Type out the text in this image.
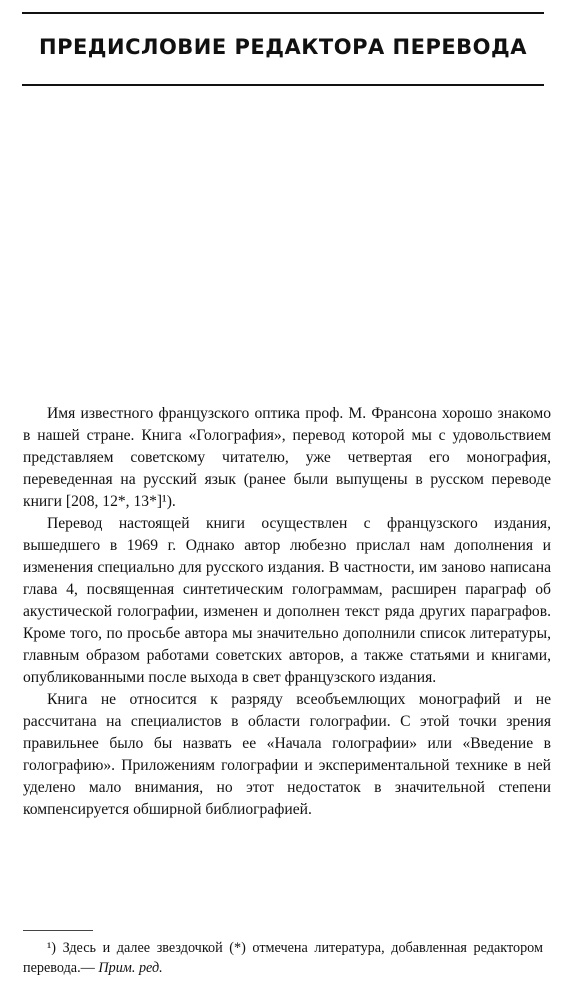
ПРЕДИСЛОВИЕ РЕДАКТОРА ПЕРЕВОДА

Имя известного французского оптика проф. М. Франсона хорошо знакомо в нашей стране. Книга «Голография», перевод которой мы с удовольствием представляем советскому читателю, уже четвертая его монография, переведенная на русский язык (ранее были выпущены в русском переводе книги [208, 12*, 13*]¹).

Перевод настоящей книги осуществлен с французского издания, вышедшего в 1969 г. Однако автор любезно прислал нам дополнения и изменения специально для русского издания. В частности, им заново написана глава 4, посвященная синтетическим голограммам, расширен параграф об акустической голографии, изменен и дополнен текст ряда других параграфов. Кроме того, по просьбе автора мы значительно дополнили список литературы, главным образом работами советских авторов, а также статьями и книгами, опубликованными после выхода в свет французского издания.

Книга не относится к разряду всеобъемлющих монографий и не рассчитана на специалистов в области голографии. С этой точки зрения правильнее было бы назвать ее «Начала голографии» или «Введение в голографию». Приложениям голографии и экспериментальной технике в ней уделено мало внимания, но этот недостаток в значительной степени компенсируется обширной библиографией.

¹) Здесь и далее звездочкой (*) отмечена литература, добавленная редактором перевода.— Прим. ред.
